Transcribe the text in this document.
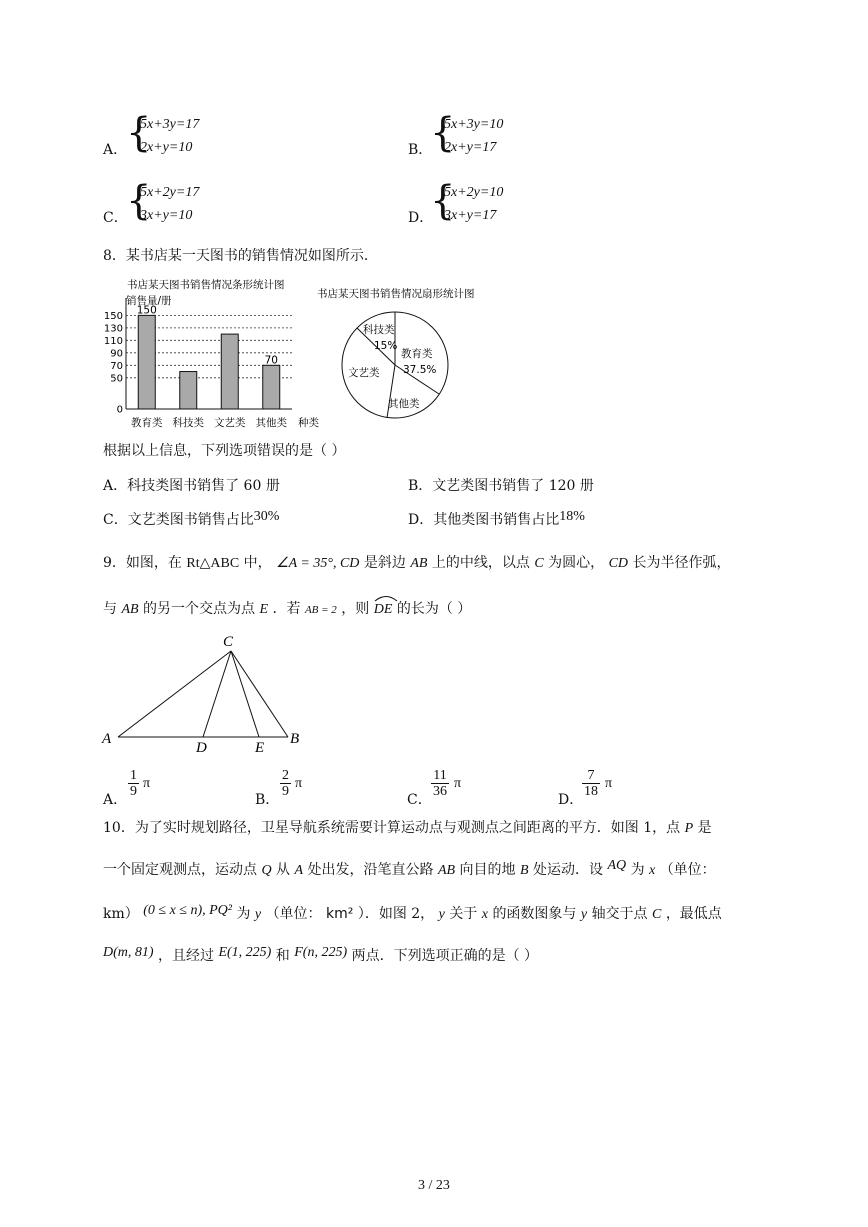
A．
{
5x+3y=17
2x+y=10	B．
{
5x+3y=10
2x+y=17
C．
{
5x+2y=17
3x+y=10	D．
{
5x+2y=10
3x+y=17
8．某书店某一天图书的销售情况如图所示．
书店某天图书销售情况条形统计图
销售量/册
150
70
0
50
70
90
110
130
150
教育类 科技类 文艺类 其他类 种类
书店某天图书销售情况扇形统计图
科技类
15%
教育类
37.5%
文艺类
其他类
根据以上信息，下列选项错误的是（ ）
A．科技类图书销售了 60 册	B．文艺类图书销售了 120 册
C．文艺类图书销售占比30%	D．其他类图书销售占比18%
9．如图，在 Rt△ABC 中， ∠A = 35°, CD 是斜边 AB 上的中线，以点 C 为圆心， CD 长为半径作弧，
与 AB 的另一个交点为点 E ．若 AB = 2 ，则 DE 的长为（ ）
C
A
D	E
B
A．
$\frac{1}{9}$ π
B．
$\frac{2}{9}$ π
C．
$\frac{11}{36}$ π
D．
$\frac{7}{18}$ π
10．为了实时规划路径，卫星导航系统需要计算运动点与观测点之间距离的平方．如图 1，点 P 是
一个固定观测点，运动点 Q 从 A 处出发，沿笔直公路 AB 向目的地 B 处运动．设 AQ 为 x （单位：
km） (0 ≤ x ≤ n), PQ² 为 y （单位： km² ）．如图 2， y 关于 x 的函数图象与 y 轴交于点 C ，最低点
D(m, 81) ，且经过 E(1, 225) 和 F(n, 225) 两点．下列选项正确的是（ ）
3 / 23
